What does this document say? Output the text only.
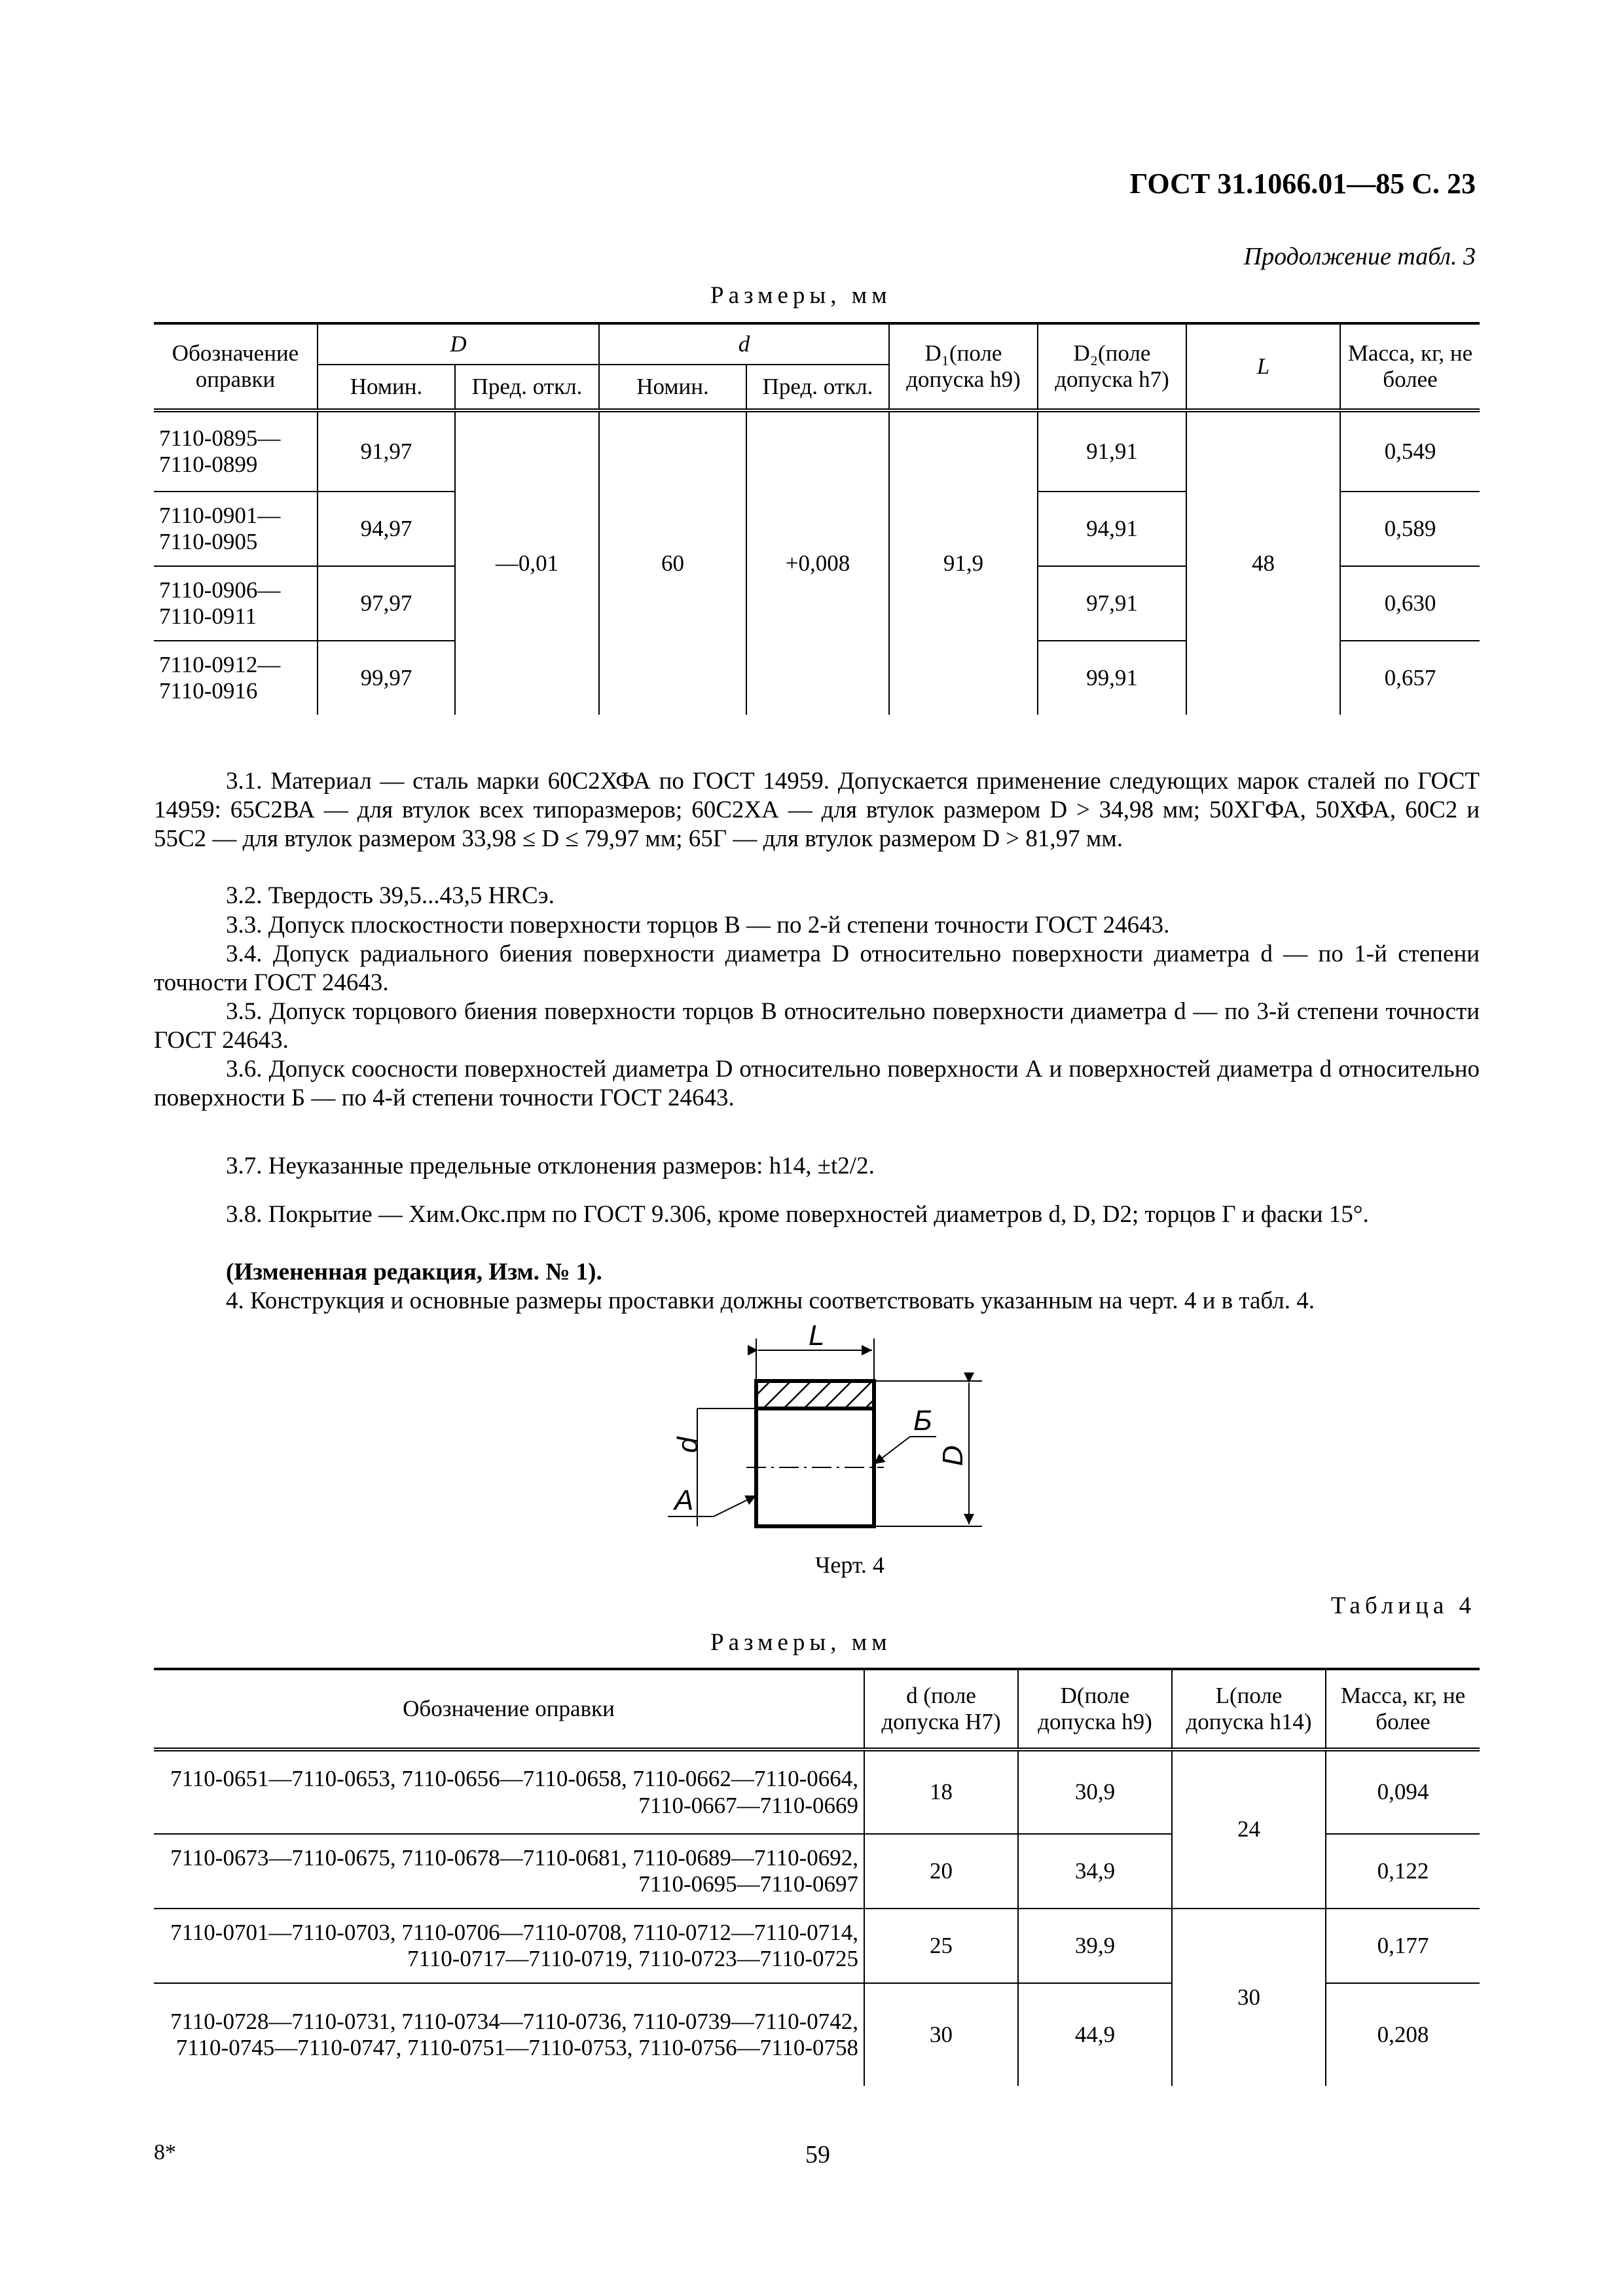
ГОСТ 31.1066.01—85 С. 23
Продолжение табл. 3
Размеры, мм
Обозначение оправки	D		d		D₁(поле допуска h9)	D₂(поле допуска h7)	L	Масса, кг, не более
	Номин.	Пред. откл.	Номин.	Пред. откл.				
7110-0895—7110-0899	91,97	—0,01	60	+0,008	91,9	91,91	48	0,549
7110-0901—7110-0905	94,97					94,91		0,589
7110-0906—7110-0911	97,97					97,91		0,630
7110-0912—7110-0916	99,97					99,91		0,657
3.1. Материал — сталь марки 60С2ХФА по ГОСТ 14959. Допускается применение следующих марок сталей по ГОСТ 14959: 65С2ВА — для втулок всех типоразмеров; 60С2ХА — для втулок размером D > 34,98 мм; 50ХГФА, 50ХФА, 60С2 и 55С2 — для втулок размером 33,98 ≤ D ≤ 79,97 мм; 65Г — для втулок размером D > 81,97 мм.
3.2. Твердость 39,5...43,5 HRCэ.
3.3. Допуск плоскостности поверхности торцов В — по 2-й степени точности ГОСТ 24643.
3.4. Допуск радиального биения поверхности диаметра D относительно поверхности диаметра d — по 1-й степени точности ГОСТ 24643.
3.5. Допуск торцового биения поверхности торцов В относительно поверхности диаметра d — по 3-й степени точности ГОСТ 24643.
3.6. Допуск соосности поверхностей диаметра D относительно поверхности А и поверхностей диаметра d относительно поверхности Б — по 4-й степени точности ГОСТ 24643.
3.7. Неуказанные предельные отклонения размеров: h14, ±t2/2.
3.8. Покрытие — Хим.Окс.прм по ГОСТ 9.306, кроме поверхностей диаметров d, D, D2; торцов Г и фаски 15°.
(Измененная редакция, Изм. № 1).
4. Конструкция и основные размеры проставки должны соответствовать указанным на черт. 4 и в табл. 4.
L
D
d
Б
А
Черт. 4
Таблица 4
Размеры, мм
Обозначение оправки	d (поле допуска Н7)	D(поле допуска h9)	L(поле допуска h14)	Масса, кг, не более
7110-0651—7110-0653, 7110-0656—7110-0658, 7110-0662—7110-0664, 7110-0667—7110-0669	18	30,9	24	0,094
7110-0673—7110-0675, 7110-0678—7110-0681, 7110-0689—7110-0692, 7110-0695—7110-0697	20	34,9		0,122
7110-0701—7110-0703, 7110-0706—7110-0708, 7110-0712—7110-0714, 7110-0717—7110-0719, 7110-0723—7110-0725	25	39,9	30	0,177
7110-0728—7110-0731, 7110-0734—7110-0736, 7110-0739—7110-0742, 7110-0745—7110-0747, 7110-0751—7110-0753, 7110-0756—7110-0758	30	44,9		0,208
8*	59
